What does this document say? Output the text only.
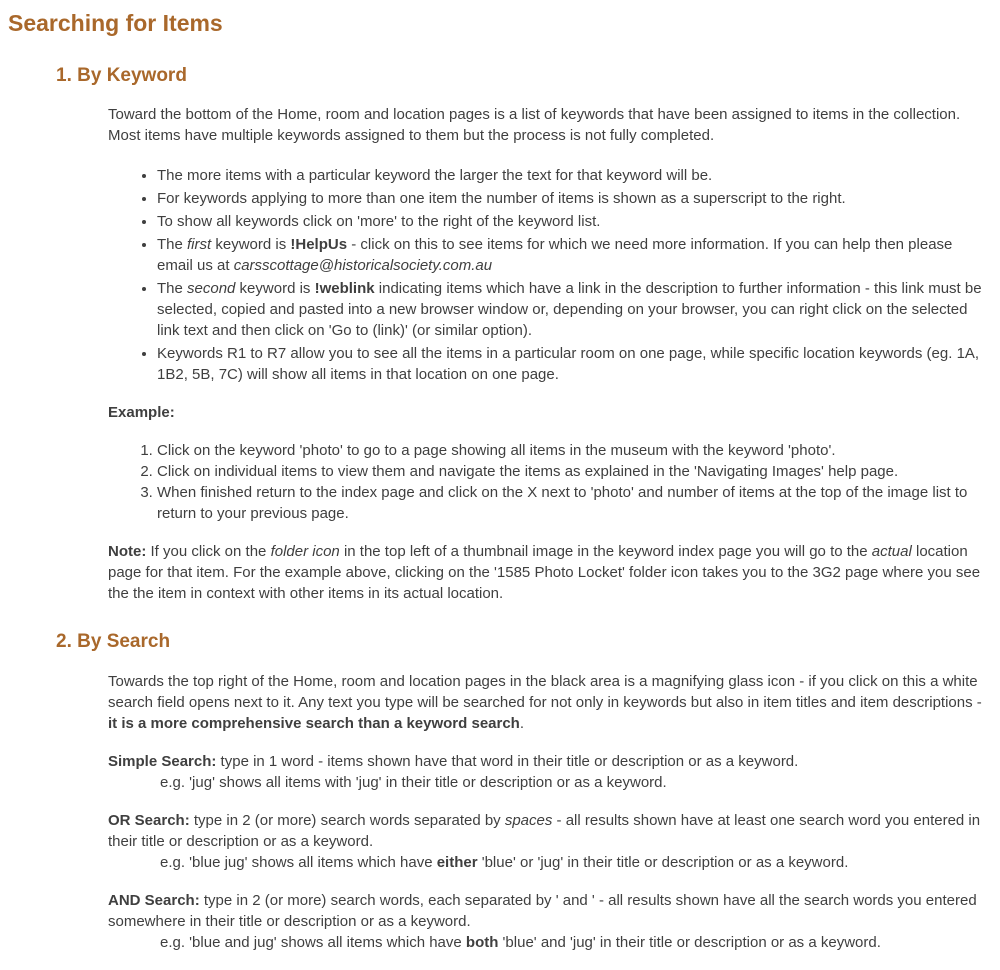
Searching for Items
1. By Keyword

Toward the bottom of the Home, room and location pages is a list of keywords that have been assigned to items in the collection. Most items have multiple keywords assigned to them but the process is not fully completed.

• The more items with a particular keyword the larger the text for that keyword will be.
• For keywords applying to more than one item the number of items is shown as a superscript to the right.
• To show all keywords click on 'more' to the right of the keyword list.
• The first keyword is !HelpUs - click on this to see items for which we need more information. If you can help then please email us at carsscottage@historicalsociety.com.au
• The second keyword is !weblink indicating items which have a link in the description to further information - this link must be selected, copied and pasted into a new browser window or, depending on your browser, you can right click on the selected link text and then click on 'Go to (link)' (or similar option).
• Keywords R1 to R7 allow you to see all the items in a particular room on one page, while specific location keywords (eg. 1A, 1B2, 5B, 7C) will show all items in that location on one page.

Example:

1. Click on the keyword 'photo' to go to a page showing all items in the museum with the keyword 'photo'.
2. Click on individual items to view them and navigate the items as explained in the 'Navigating Images' help page.
3. When finished return to the index page and click on the X next to 'photo' and number of items at the top of the image list to return to your previous page.

Note: If you click on the folder icon in the top left of a thumbnail image in the keyword index page you will go to the actual location page for that item. For the example above, clicking on the '1585 Photo Locket' folder icon takes you to the 3G2 page where you see the the item in context with other items in its actual location.

2. By Search

Towards the top right of the Home, room and location pages in the black area is a magnifying glass icon - if you click on this a white search field opens next to it. Any text you type will be searched for not only in keywords but also in item titles and item descriptions - it is a more comprehensive search than a keyword search.

Simple Search: type in 1 word - items shown have that word in their title or description or as a keyword.

e.g. 'jug' shows all items with 'jug' in their title or description or as a keyword.

OR Search: type in 2 (or more) search words separated by spaces - all results shown have at least one search word you entered in their title or description or as a keyword.

e.g. 'blue jug' shows all items which have either 'blue' or 'jug' in their title or description or as a keyword.

AND Search: type in 2 (or more) search words, each separated by ' and ' - all results shown have all the search words you entered somewhere in their title or description or as a keyword.

e.g. 'blue and jug' shows all items which have both 'blue' and 'jug' in their title or description or as a keyword.
